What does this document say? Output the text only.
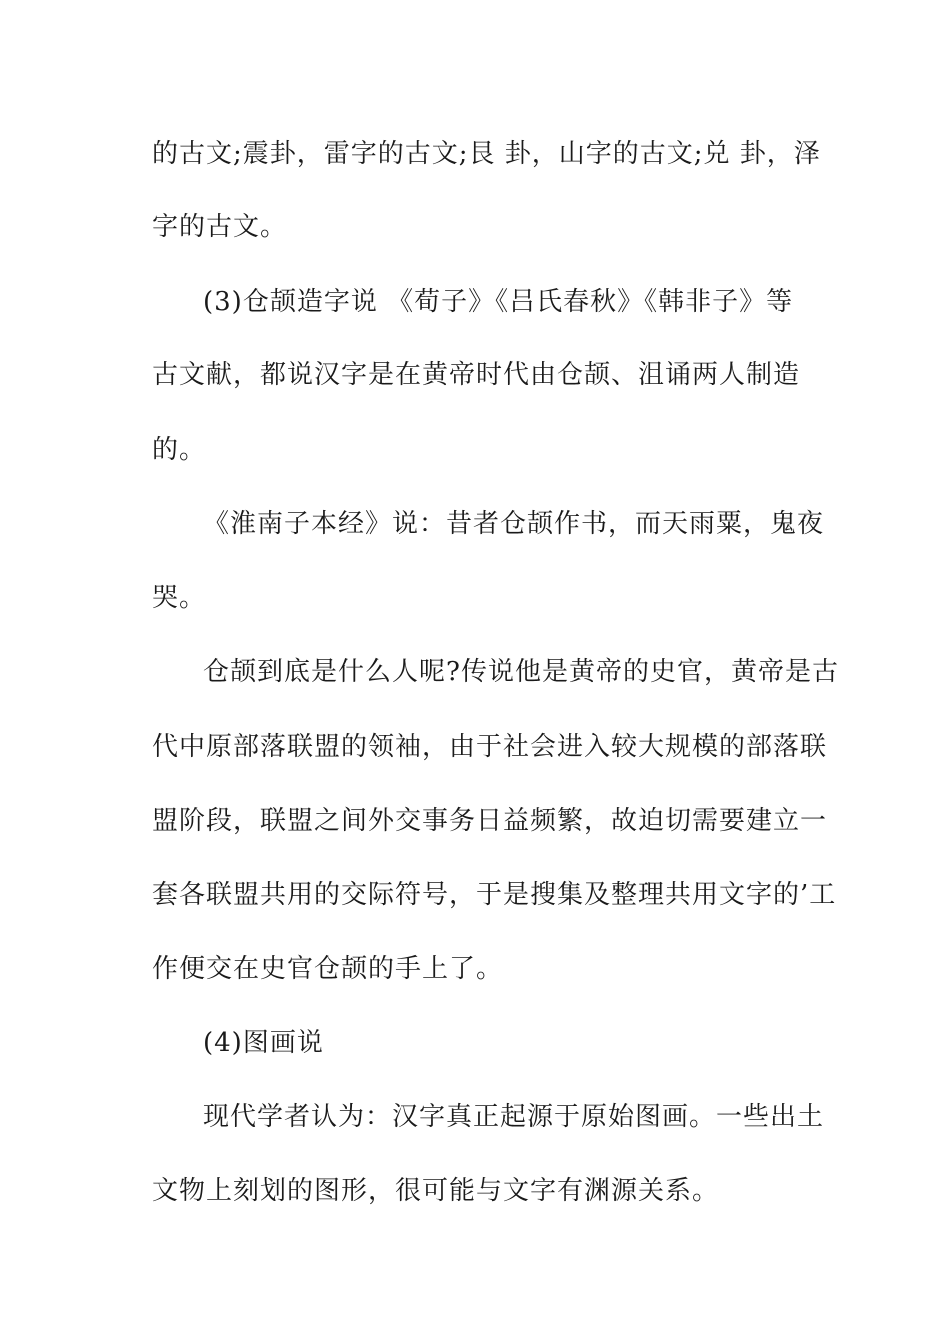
的古文;震卦，雷字的古文;艮 卦，山字的古文;兑 卦，泽
字的古文。
(3)仓颉造字说 《荀子》《吕氏春秋》《韩非子》等
古文献，都说汉字是在黄帝时代由仓颉、沮诵两人制造
的。
《淮南子本经》说：昔者仓颉作书，而天雨粟，鬼夜
哭。
仓颉到底是什么人呢?传说他是黄帝的史官，黄帝是古
代中原部落联盟的领袖，由于社会进入较大规模的部落联
盟阶段，联盟之间外交事务日益频繁，故迫切需要建立一
套各联盟共用的交际符号，于是搜集及整理共用文字的’工
作便交在史官仓颉的手上了。
(4)图画说
现代学者认为：汉字真正起源于原始图画。一些出土
文物上刻划的图形，很可能与文字有渊源关系。
